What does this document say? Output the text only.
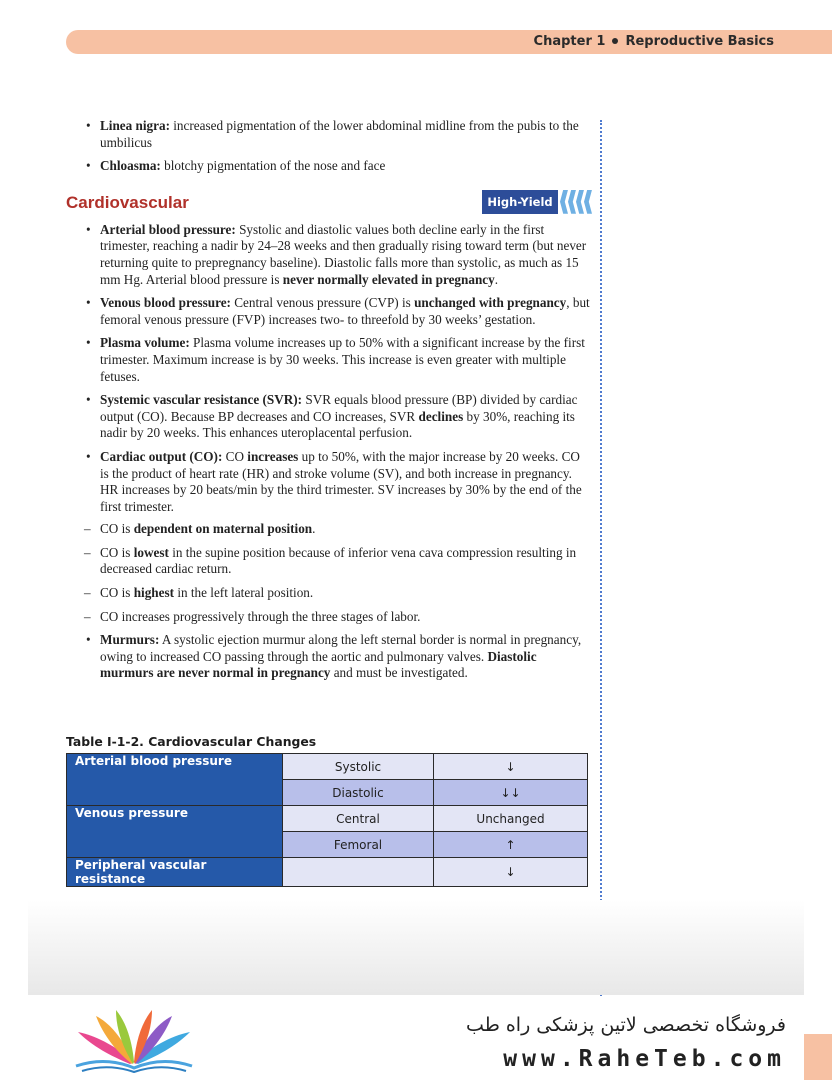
Chapter 1 Reproductive Basics
• Linea nigra: increased pigmentation of the lower abdominal midline from the pubis to the umbilicus
• Chloasma: blotchy pigmentation of the nose and face
Cardiovascular	High-Yield
• Arterial blood pressure: Systolic and diastolic values both decline early in the first trimester, reaching a nadir by 24–28 weeks and then gradually rising toward term (but never returning quite to prepregnancy baseline). Diastolic falls more than systolic, as much as 15 mm Hg. Arterial blood pressure is never normally elevated in pregnancy.
• Venous blood pressure: Central venous pressure (CVP) is unchanged with pregnancy, but femoral venous pressure (FVP) increases two- to threefold by 30 weeks’ gestation.
• Plasma volume: Plasma volume increases up to 50% with a significant increase by the first trimester. Maximum increase is by 30 weeks. This increase is even greater with multiple fetuses.
• Systemic vascular resistance (SVR): SVR equals blood pressure (BP) divided by cardiac output (CO). Because BP decreases and CO increases, SVR declines by 30%, reaching its nadir by 20 weeks. This enhances uteroplacental perfusion.
• Cardiac output (CO): CO increases up to 50%, with the major increase by 20 weeks. CO is the product of heart rate (HR) and stroke volume (SV), and both increase in pregnancy. HR increases by 20 beats/min by the third trimester. SV increases by 30% by the end of the first trimester.
– CO is dependent on maternal position.
– CO is lowest in the supine position because of inferior vena cava compression resulting in decreased cardiac return.
– CO is highest in the left lateral position.
– CO increases progressively through the three stages of labor.
• Murmurs: A systolic ejection murmur along the left sternal border is normal in pregnancy, owing to increased CO passing through the aortic and pulmonary valves. Diastolic murmurs are never normal in pregnancy and must be investigated.
Table I-1-2. Cardiovascular Changes
Arterial blood pressure	Systolic	↓
	Diastolic	↓↓
Venous pressure	Central	Unchanged
	Femoral	↑
Peripheral vascular resistance		↓
فروشگاه تخصصی لاتین پزشکی راه طب
www.RaheTeb.com
